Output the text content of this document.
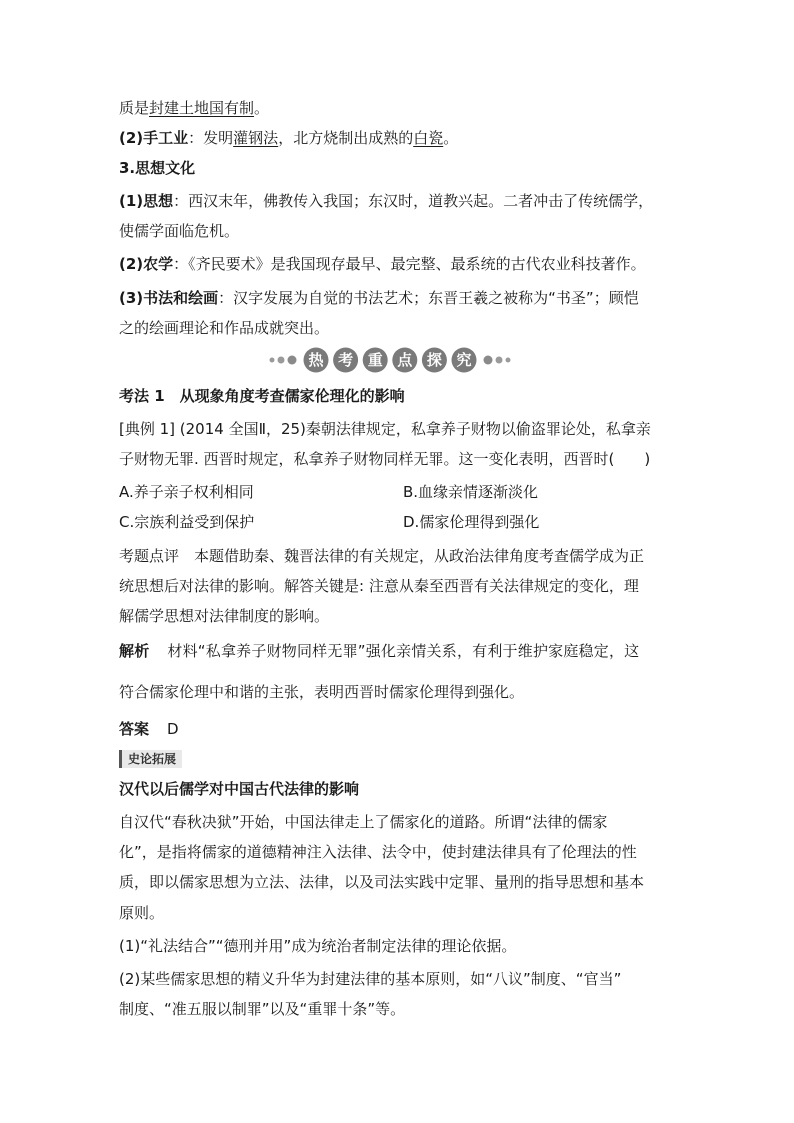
质是封建土地国有制。
(2)手工业：发明灌钢法，北方烧制出成熟的白瓷。
3.思想文化
(1)思想：西汉末年，佛教传入我国；东汉时，道教兴起。二者冲击了传统儒学，
使儒学面临危机。
(2)农学：《齐民要术》是我国现存最早、最完整、最系统的古代农业科技著作。
(3)书法和绘画：汉字发展为自觉的书法艺术；东晋王羲之被称为“书圣”；顾恺
之的绘画理论和作品成就突出。
热 考 重 点 探 究
考法 1　从现象角度考查儒家伦理化的影响
[典例 1] (2014 全国Ⅱ，25)秦朝法律规定，私拿养子财物以偷盗罪论处，私拿亲
子财物无罪. 西晋时规定，私拿养子财物同样无罪。这一变化表明，西晋时(　　)
A.养子亲子权利相同	B.血缘亲情逐渐淡化
C.宗族利益受到保护	D.儒家伦理得到强化
考题点评　本题借助秦、魏晋法律的有关规定，从政治法律角度考查儒学成为正
统思想后对法律的影响。解答关键是: 注意从秦至西晋有关法律规定的变化，理
解儒学思想对法律制度的影响。
解析 材料“私拿养子财物同样无罪”强化亲情关系，有利于维护家庭稳定，这
符合儒家伦理中和谐的主张，表明西晋时儒家伦理得到强化。
答案 D
史论拓展
汉代以后儒学对中国古代法律的影响
自汉代“春秋决狱”开始，中国法律走上了儒家化的道路。所谓“法律的儒家
化”，是指将儒家的道德精神注入法律、法令中，使封建法律具有了伦理法的性
质，即以儒家思想为立法、法律，以及司法实践中定罪、量刑的指导思想和基本
原则。
(1)“礼法结合”“德刑并用”成为统治者制定法律的理论依据。
(2)某些儒家思想的精义升华为封建法律的基本原则，如“八议”制度、“官当”
制度、“准五服以制罪”以及“重罪十条”等。
